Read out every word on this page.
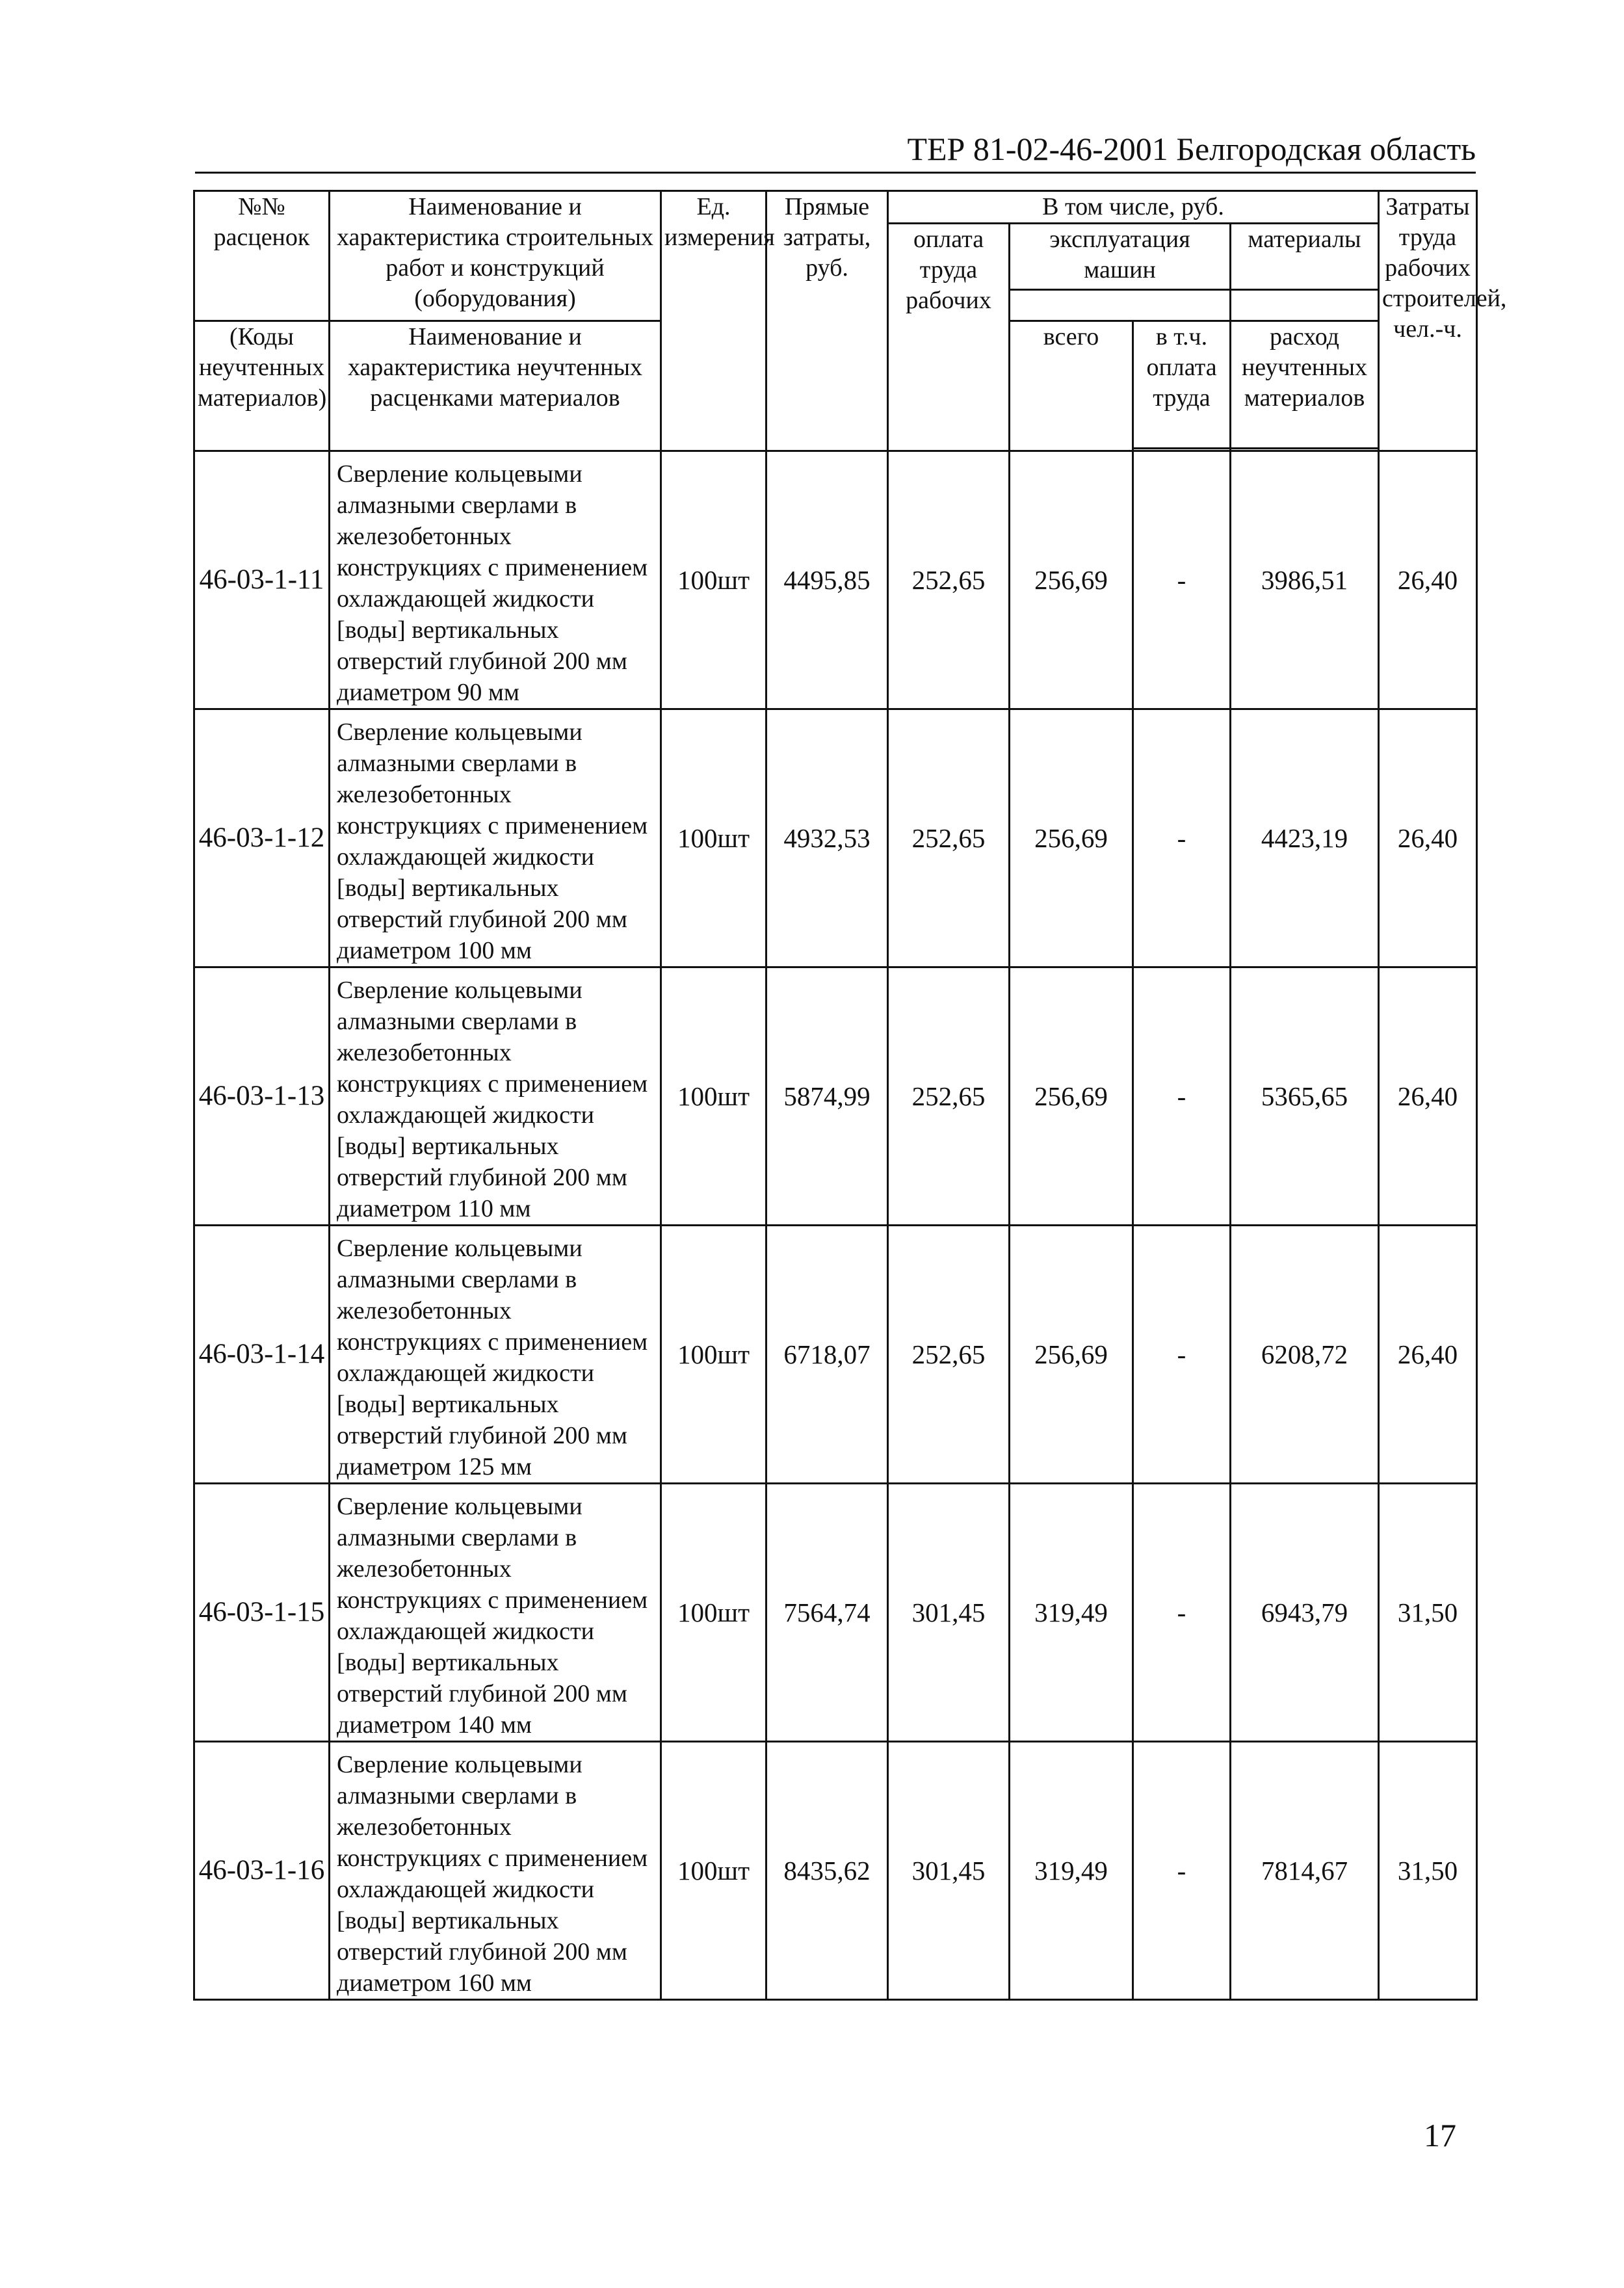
ТЕР 81-02-46-2001 Белгородская область
№№ расценок	Наименование и характеристика строительных работ и конструкций (оборудования)	Ед. измерения	Прямые затраты, руб.	В том числе, руб.				Затраты труда рабочих строителей, чел.-ч.
				оплата труда рабочих	эксплуатация машин		материалы	

(Коды неучтенных материалов)	Наименование и характеристика неучтенных расценками материалов				всего	в т.ч. оплата труда	расход неучтенных материалов	

46-03-1-11	Сверление кольцевыми алмазными сверлами в железобетонных конструкциях с применением охлаждающей жидкости [воды] вертикальных отверстий глубиной 200 мм диаметром 90 мм	100шт	4495,85	252,65	256,69	-	3986,51	26,40
46-03-1-12	Сверление кольцевыми алмазными сверлами в железобетонных конструкциях с применением охлаждающей жидкости [воды] вертикальных отверстий глубиной 200 мм диаметром 100 мм	100шт	4932,53	252,65	256,69	-	4423,19	26,40
46-03-1-13	Сверление кольцевыми алмазными сверлами в железобетонных конструкциях с применением охлаждающей жидкости [воды] вертикальных отверстий глубиной 200 мм диаметром 110 мм	100шт	5874,99	252,65	256,69	-	5365,65	26,40
46-03-1-14	Сверление кольцевыми алмазными сверлами в железобетонных конструкциях с применением охлаждающей жидкости [воды] вертикальных отверстий глубиной 200 мм диаметром 125 мм	100шт	6718,07	252,65	256,69	-	6208,72	26,40
46-03-1-15	Сверление кольцевыми алмазными сверлами в железобетонных конструкциях с применением охлаждающей жидкости [воды] вертикальных отверстий глубиной 200 мм диаметром 140 мм	100шт	7564,74	301,45	319,49	-	6943,79	31,50
46-03-1-16	Сверление кольцевыми алмазными сверлами в железобетонных конструкциях с применением охлаждающей жидкости [воды] вертикальных отверстий глубиной 200 мм диаметром 160 мм	100шт	8435,62	301,45	319,49	-	7814,67	31,50
17
